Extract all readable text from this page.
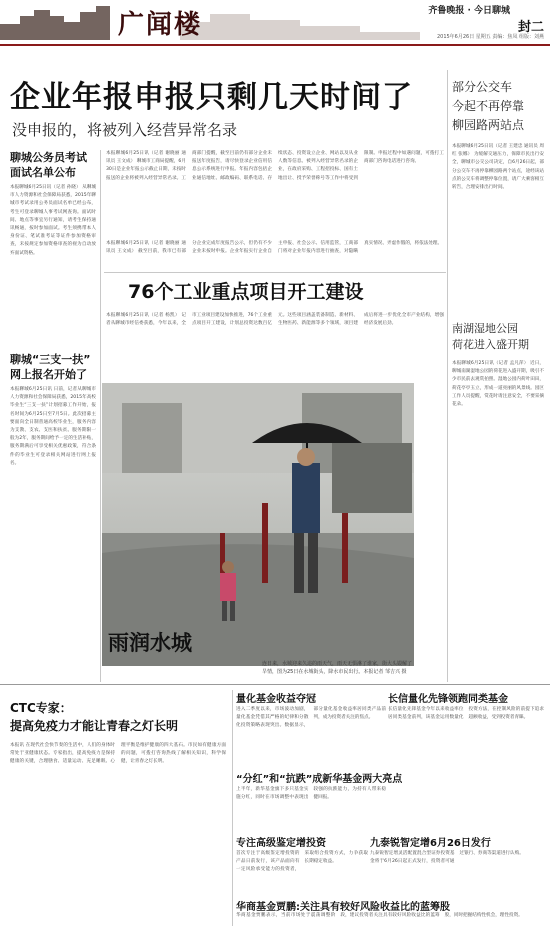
广闻楼	齐鲁晚报 · 今日聊城
封二
2015年6月26日 星期五 责编：焦凤 组版：刘燕
企业年报申报只剩几天时间了
没申报的，将被列入经营异常名录
部分公交车
今起不再停靠
柳园路两站点
本报聊城6月25日讯（记者 王建忠 通讯员 周红 张娜） 为缓解交通压力，保障市民出行安全，聊城市公交公司决定，自6月26日起，部分公交车不再停靠柳园路两个站点，途经该站点的公交车将调整停靠位置，请广大乘客相互转告，合理安排出行时间。
南湖湿地公园
荷花进入盛开期
本报聊城6月25日讯（记者 孟凡萍） 近日，聊城南湖湿地公园的荷花进入盛开期，吸引不少市民前去观赏拍照。湿地公园内荷叶田田，荷花亭亭玉立，形成一道亮丽的风景线。园区工作人员提醒，赏花时请注意安全，不要采摘花朵。
聊城公务员考试
面试名单公布
本报聊城6月25日讯（记者 孙晓） 从聊城市人力资源和社会保障局获悉，2015年聊城市考试录用公务员面试名单已经公布，考生可登录聊城人事考试网查询。面试时间、地点等事宜另行通知，请考生保持通讯畅通，按时参加面试。考生须携带本人身份证、笔试准考证等证件参加资格审查，未按规定参加资格审查的视为自动放弃面试资格。
聊城“三支一扶”
网上报名开始了
本报聊城6月25日讯 日前，记者从聊城市人力资源和社会保障局获悉，2015年高校毕业生“三支一扶”计划招募工作开始，报名时间为6月25日至7月5日。此次招募主要面向全日制普通高校毕业生，服务内容为支教、支农、支医和扶贫。服务期限一般为2年，服务期间给予一定的生活补贴，服务期满后可享受相关优惠政策，符合条件的毕业生可登录相关网站进行网上报名。
本报聊城6月25日讯（记者 谢晓丽 通讯员 王文成） 聊城市工商局提醒，6月30日是企业年报公示截止日期，未按时报送的企业将被列入经营异常名录。工商部门提醒，截至目前仍有部分企业未报送年度报告，请尽快登录企业信用信息公示系统进行申报。年报内容包括企业通信地址、邮政编码、联系电话、存续状态、投资设立企业、网站以及从业人数等信息。被列入经营异常名录的企业，在政府采购、工程招投标、国有土地出让、授予荣誉称号等工作中将受到限制。申报过程中如遇问题，可拨打工商部门咨询电话进行咨询。
本报聊城6月25日讯（记者 谢晓丽 通讯员 王文成） 截至目前，我市已有部分企业完成年度报告公示，但仍有不少企业未按时申报。企业年报实行企业自主申报、社会公示、信用监管，工商部门将对企业年报内容进行抽查，对隐瞒真实情况、弄虚作假的，将依法处理。
76个工业重点项目开工建设
本报聊城6月25日讯（记者 杨凯） 记者从聊城市经信委获悉，今年以来，全市工业项目建设加快推进，76个工业重点项目开工建设，计划总投资达数百亿元。这些项目涵盖装备制造、新材料、生物医药、新能源等多个领域，项目建成后将进一步优化全市产业结构，增强经济发展后劲。
雨润水城
连日来，水城迎来久违的雨天气，雨天无惧淋了谁家，街大头锻解了旱情，图为25日在水城街头，降水市民出行。本报记者 邹吉兴 摄
CTC专家：
提高免疫力才能让青春之灯长明
本报讯 在现代社会快节奏的生活中，人们的身体时常处于亚健康状态。专家指出，提高免疫力是保持健康的关键，合理膳食、适量运动、充足睡眠、心理平衡是维护健康的四大基石。市民如有健康方面的问题，可拨打咨询热线了解相关知识，科学保健，让青春之灯长明。
量化基金收益夺冠	长信量化先锋领跑同类基金
进入二季度以来，市场波动加剧，量化基金凭借其严格的纪律和分散化投资策略表现突出。数据显示，部分量化基金收益率居同类产品前列，成为投资者关注的焦点。
长信量化先锋基金今年以来收益率位居同类基金前列，该基金运用数量化投资方法，在控制风险的前提下追求超额收益，受到投资者青睐。
“分红”和“抗跌”成新华基金两大亮点
上半年，新华基金旗下多只基金实施分红，同时在市场调整中表现出较强的抗跌能力，为持有人带来稳健回报。
专注高级鉴定增投资	九泰锐智定增6月26日发行
首次专注于高级鉴定增投资的产品日前发行，该产品面向有一定风险承受能力的投资者，采取组合投资方式，力争获取长期稳定收益。
九泰锐智定增灵活配置混合型证券投资基金将于6月26日起正式发行，投资者可通过银行、券商等渠道进行认购。
华商基金贾鹏:关注具有较好风险收益比的蓝筹股
华商基金贾鹏表示，当前市场处于震荡调整阶段，建议投资者关注具有较好风险收益比的蓝筹股，同时把握结构性机会，理性投资。
